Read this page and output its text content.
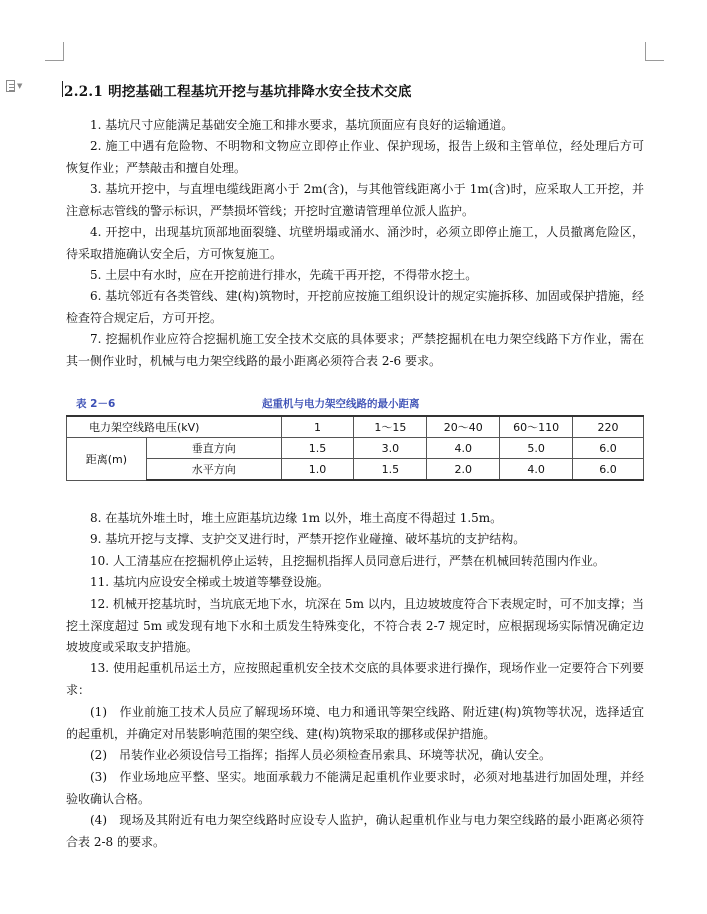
▼	2.2.1 明挖基础工程基坑开挖与基坑排降水安全技术交底

1. 基坑尺寸应能满足基础安全施工和排水要求，基坑顶面应有良好的运输通道。

2. 施工中遇有危险物、不明物和文物应立即停止作业、保护现场，报告上级和主管单位，经处理后方可恢复作业；严禁敲击和擅自处理。

3. 基坑开挖中，与直埋电缆线距离小于 2m(含)，与其他管线距离小于 1m(含)时，应采取人工开挖，并注意标志管线的警示标识，严禁损坏管线；开挖时宜邀请管理单位派人监护。

4. 开挖中，出现基坑顶部地面裂缝、坑壁坍塌或涌水、涌沙时，必须立即停止施工，人员撤离危险区，待采取措施确认安全后，方可恢复施工。

5. 土层中有水时，应在开挖前进行排水，先疏干再开挖，不得带水挖土。

6. 基坑邻近有各类管线、建(构)筑物时，开挖前应按施工组织设计的规定实施拆移、加固或保护措施，经检查符合规定后，方可开挖。

7. 挖掘机作业应符合挖掘机施工安全技术交底的具体要求；严禁挖掘机在电力架空线路下方作业，需在其一侧作业时，机械与电力架空线路的最小距离必须符合表 2-6 要求。

表 2－6	起重机与电力架空线路的最小距离
电力架空线路电压(kV)		1	1～15	20～40	60～110	220
距离(m)	垂直方向	1.5	3.0	4.0	5.0	6.0
	水平方向	1.0	1.5	2.0	4.0	6.0

8. 在基坑外堆土时，堆土应距基坑边缘 1m 以外，堆土高度不得超过 1.5m。

9. 基坑开挖与支撑、支护交叉进行时，严禁开挖作业碰撞、破坏基坑的支护结构。

10. 人工清基应在挖掘机停止运转，且挖掘机指挥人员同意后进行，严禁在机械回转范围内作业。

11. 基坑内应设安全梯或土坡道等攀登设施。

12. 机械开挖基坑时，当坑底无地下水，坑深在 5m 以内，且边坡坡度符合下表规定时，可不加支撑；当挖土深度超过 5m 或发现有地下水和土质发生特殊变化，不符合表 2-7 规定时，应根据现场实际情况确定边坡坡度或采取支护措施。

13. 使用起重机吊运土方，应按照起重机安全技术交底的具体要求进行操作，现场作业一定要符合下列要求：

(1)　作业前施工技术人员应了解现场环境、电力和通讯等架空线路、附近建(构)筑物等状况，选择适宜的起重机，并确定对吊装影响范围的架空线、建(构)筑物采取的挪移或保护措施。

(2)　吊装作业必须设信号工指挥；指挥人员必须检查吊索具、环境等状况，确认安全。

(3)　作业场地应平整、坚实。地面承载力不能满足起重机作业要求时，必须对地基进行加固处理，并经验收确认合格。

(4)　现场及其附近有电力架空线路时应设专人监护，确认起重机作业与电力架空线路的最小距离必须符合表 2-8 的要求。
